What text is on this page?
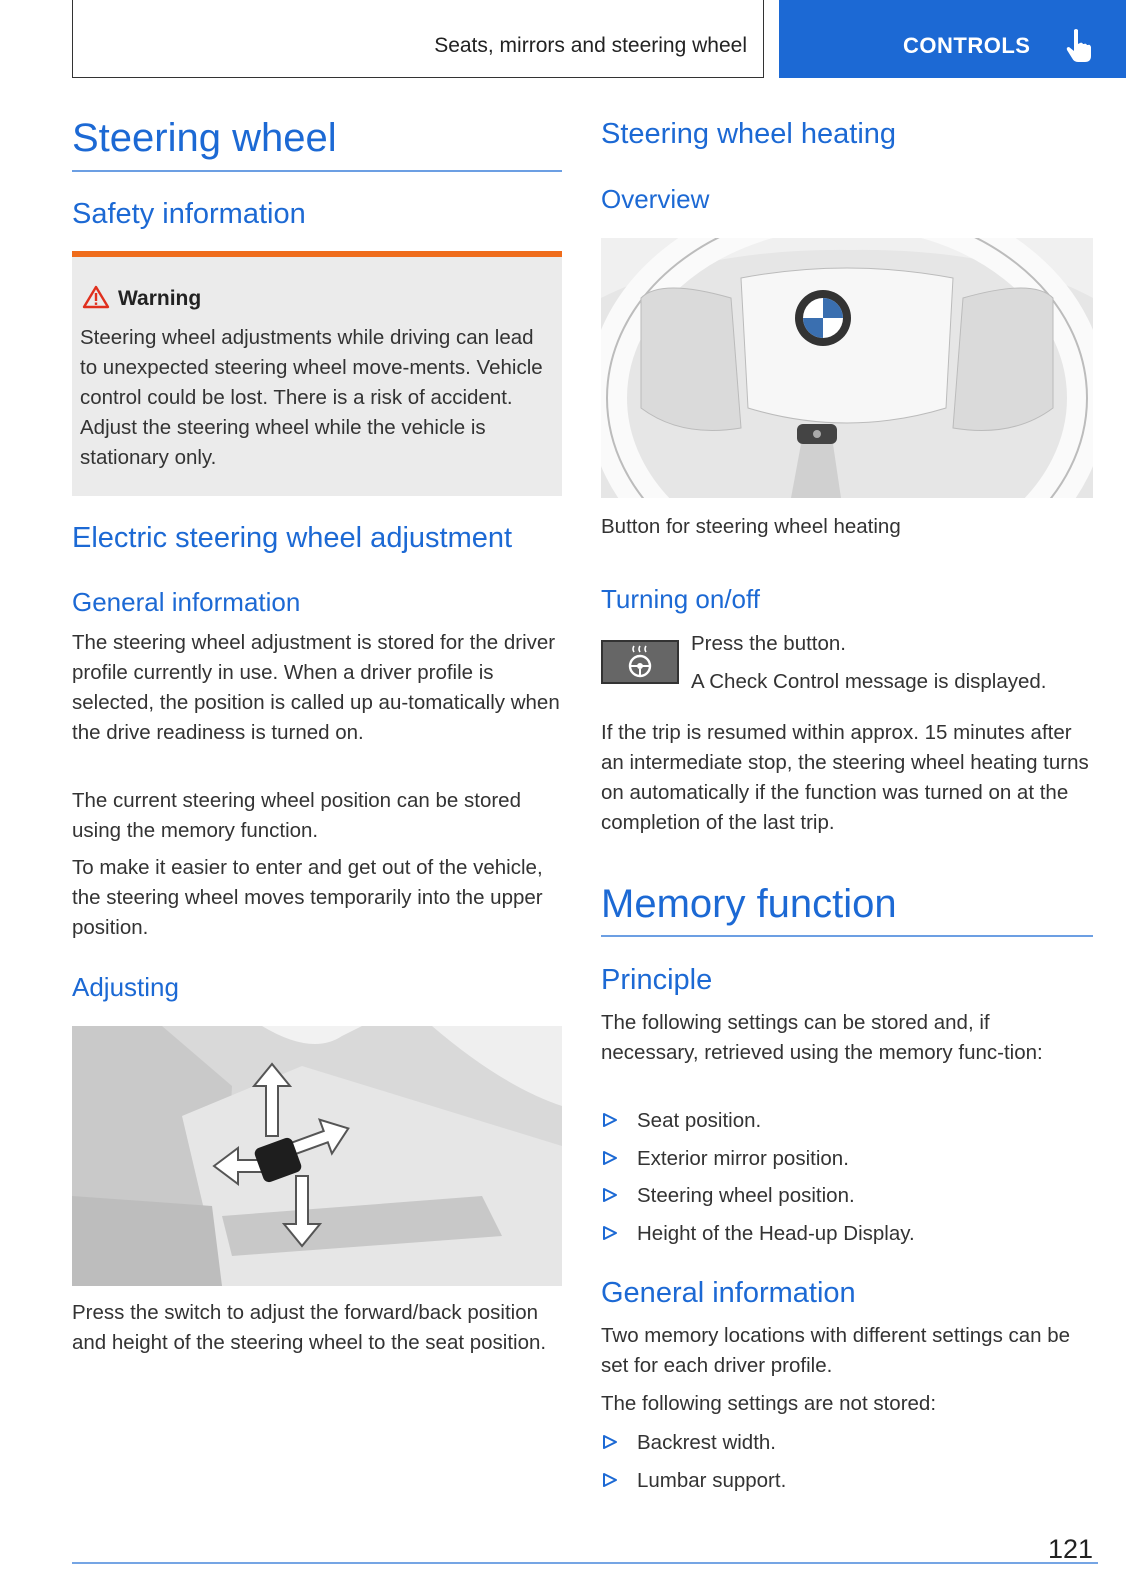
Seats, mirrors and steering wheel	CONTROLS
Steering wheel
Safety information
Warning

Steering wheel adjustments while driving can lead to unexpected steering wheel move-ments. Vehicle control could be lost. There is a risk of accident. Adjust the steering wheel while the vehicle is stationary only.

Electric steering wheel adjustment
General information

The steering wheel adjustment is stored for the driver profile currently in use. When a driver profile is selected, the position is called up au-tomatically when the drive readiness is turned on.

The current steering wheel position can be stored using the memory function.

To make it easier to enter and get out of the vehicle, the steering wheel moves temporarily into the upper position.

Adjusting

Press the switch to adjust the forward/back position and height of the steering wheel to the seat position.

Steering wheel heating
Overview

Button for steering wheel heating

Turning on/off

Press the button.

A Check Control message is displayed.

If the trip is resumed within approx. 15 minutes after an intermediate stop, the steering wheel heating turns on automatically if the function was turned on at the completion of the last trip.

Memory function
Principle

The following settings can be stored and, if necessary, retrieved using the memory func-tion:

Seat position.
Exterior mirror position.
Steering wheel position.
Height of the Head-up Display.
General information

Two memory locations with different settings can be set for each driver profile.

The following settings are not stored:

Backrest width.
Lumbar support.
121
